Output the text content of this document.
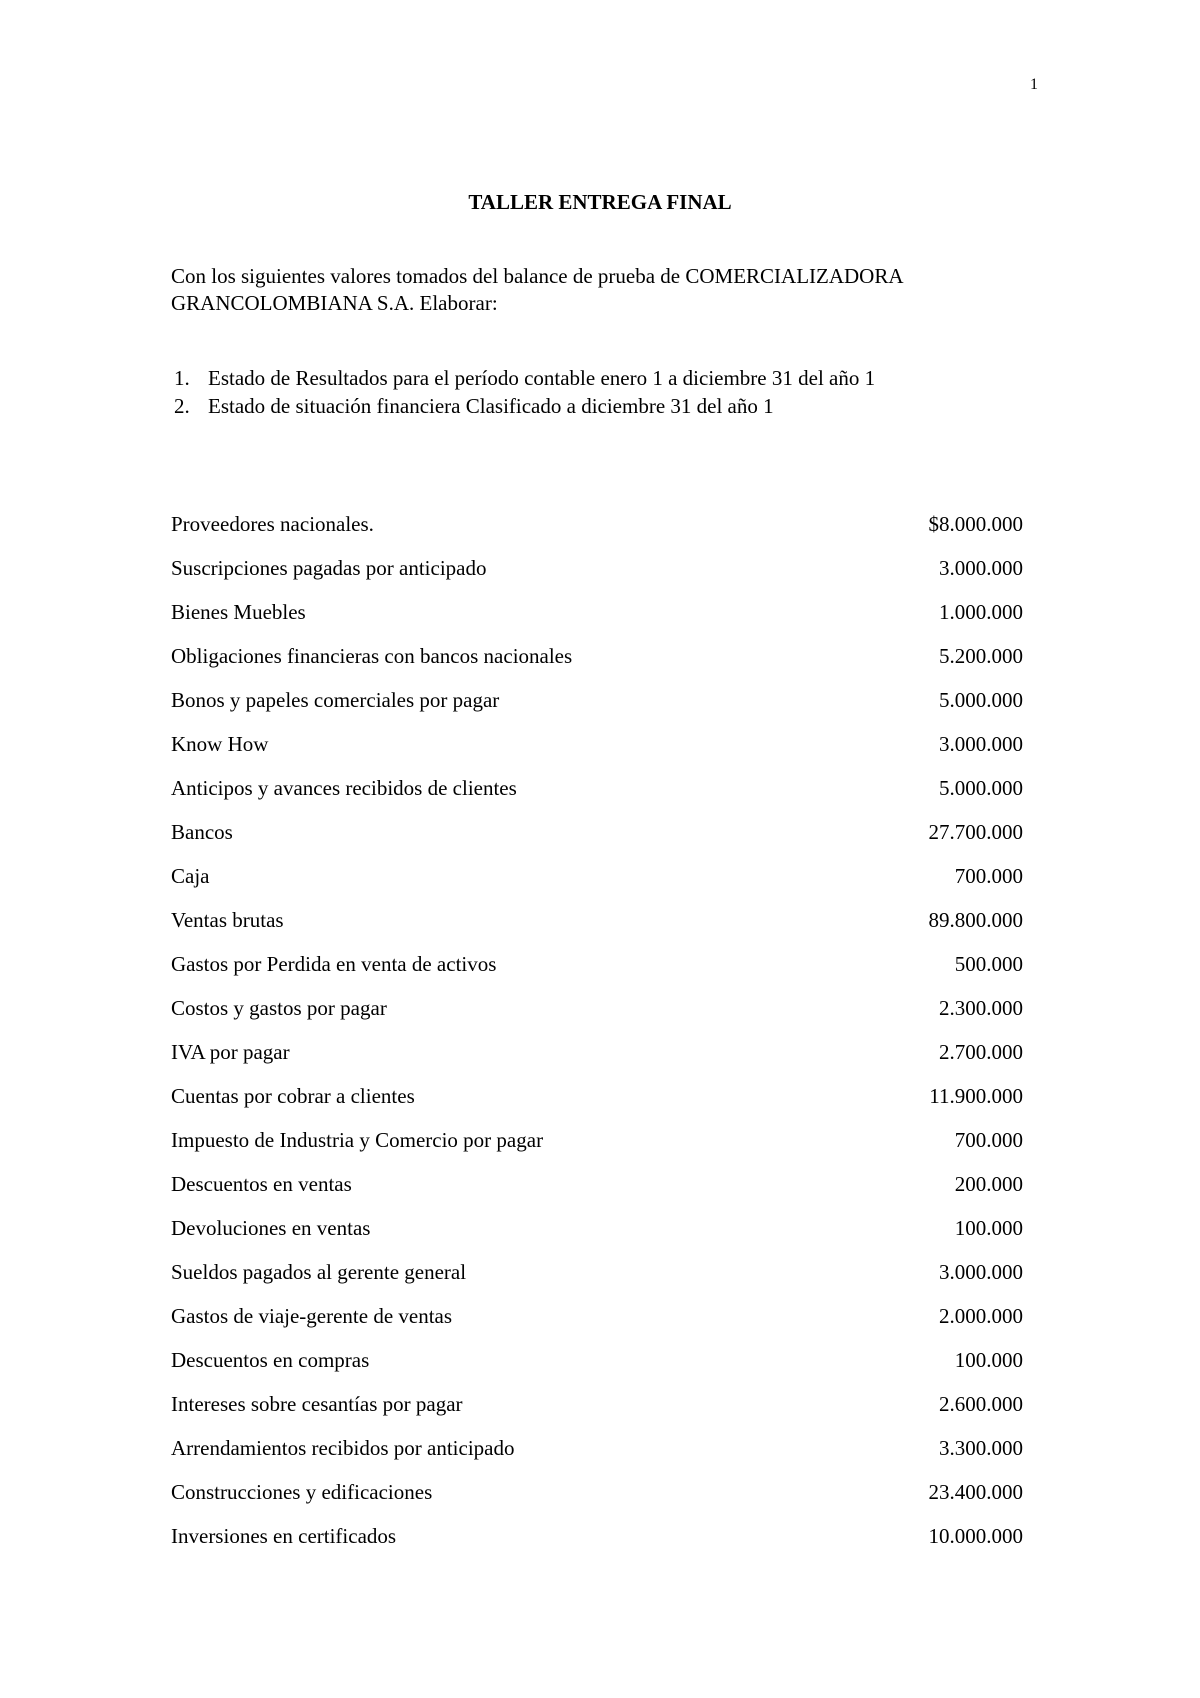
1
TALLER ENTREGA FINAL
Con los siguientes valores tomados del balance de prueba de COMERCIALIZADORA
GRANCOLOMBIANA S.A. Elaborar:
1. Estado de Resultados para el período contable enero 1 a diciembre 31 del año 1
2. Estado de situación financiera Clasificado a diciembre 31 del año 1
Proveedores nacionales.	$8.000.000
Suscripciones pagadas por anticipado	3.000.000
Bienes Muebles	1.000.000
Obligaciones financieras con bancos nacionales	5.200.000
Bonos y papeles comerciales por pagar	5.000.000
Know How	3.000.000
Anticipos y avances recibidos de clientes	5.000.000
Bancos	27.700.000
Caja	700.000
Ventas brutas	89.800.000
Gastos por Perdida en venta de activos	500.000
Costos y gastos por pagar	2.300.000
IVA por pagar	2.700.000
Cuentas por cobrar a clientes	11.900.000
Impuesto de Industria y Comercio por pagar	700.000
Descuentos en ventas	200.000
Devoluciones en ventas	100.000
Sueldos pagados al gerente general	3.000.000
Gastos de viaje-gerente de ventas	2.000.000
Descuentos en compras	100.000
Intereses sobre cesantías por pagar	2.600.000
Arrendamientos recibidos por anticipado	3.300.000
Construcciones y edificaciones	23.400.000
Inversiones en certificados	10.000.000
